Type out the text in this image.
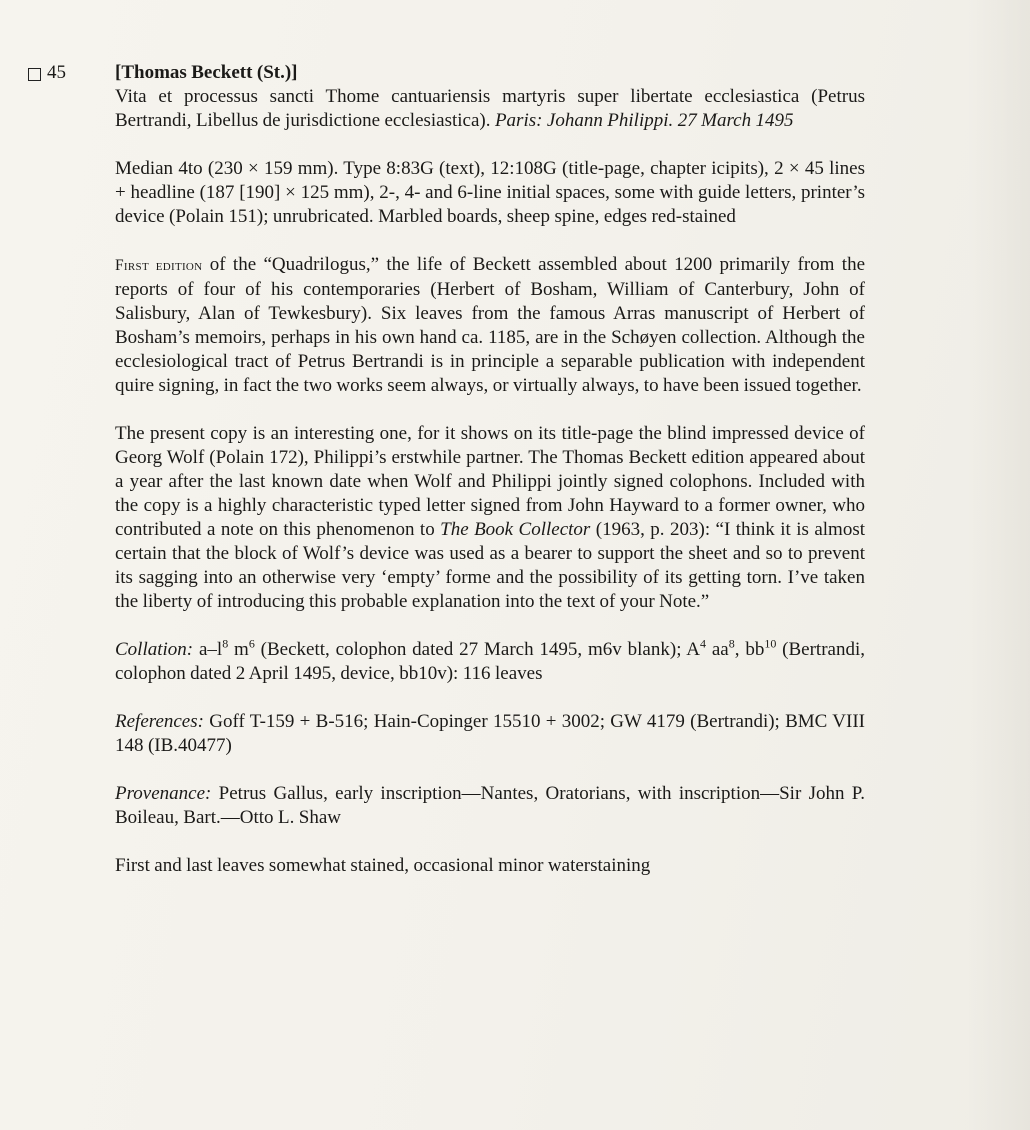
45	[Thomas Beckett (St.)]

Vita et processus sancti Thome cantuariensis martyris super libertate ecclesiastica (Petrus Bertrandi, Libellus de jurisdictione ecclesiastica). Paris: Johann Philippi. 27 March 1495

Median 4to (230 × 159 mm). Type 8:83G (text), 12:108G (title-page, chapter icipits), 2 × 45 lines + headline (187 [190] × 125 mm), 2-, 4- and 6-line initial spaces, some with guide letters, printer’s device (Polain 151); unrubricated. Marbled boards, sheep spine, edges red-stained

First edition of the “Quadrilogus,” the life of Beckett assembled about 1200 primarily from the reports of four of his contemporaries (Herbert of Bosham, William of Canterbury, John of Salisbury, Alan of Tewkesbury). Six leaves from the famous Arras manuscript of Herbert of Bosham’s memoirs, perhaps in his own hand ca. 1185, are in the Schøyen collection. Although the ecclesiological tract of Petrus Bertrandi is in principle a separable publication with independent quire signing, in fact the two works seem always, or virtually always, to have been issued together.

The present copy is an interesting one, for it shows on its title-page the blind impressed device of Georg Wolf (Polain 172), Philippi’s erstwhile partner. The Thomas Beckett edition appeared about a year after the last known date when Wolf and Philippi jointly signed colophons. Included with the copy is a highly characteristic typed letter signed from John Hayward to a former owner, who contributed a note on this phenomenon to The Book Collector (1963, p. 203): “I think it is almost certain that the block of Wolf’s device was used as a bearer to support the sheet and so to prevent its sagging into an otherwise very ‘empty’ forme and the possibility of its getting torn. I’ve taken the liberty of introducing this probable explanation into the text of your Note.”

Collation: $a-l^8$ $m^6$ (Beckett, colophon dated 27 March 1495, m6v blank); $A^4$ $aa^8$, $bb^{10}$ (Bertrandi, colophon dated 2 April 1495, device, bb10v): 116 leaves

References: Goff T-159 + B-516; Hain-Copinger 15510 + 3002; GW 4179 (Bertrandi); BMC VIII 148 (IB.40477)

Provenance: Petrus Gallus, early inscription—Nantes, Oratorians, with inscription—Sir John P. Boileau, Bart.—Otto L. Shaw

First and last leaves somewhat stained, occasional minor waterstaining
